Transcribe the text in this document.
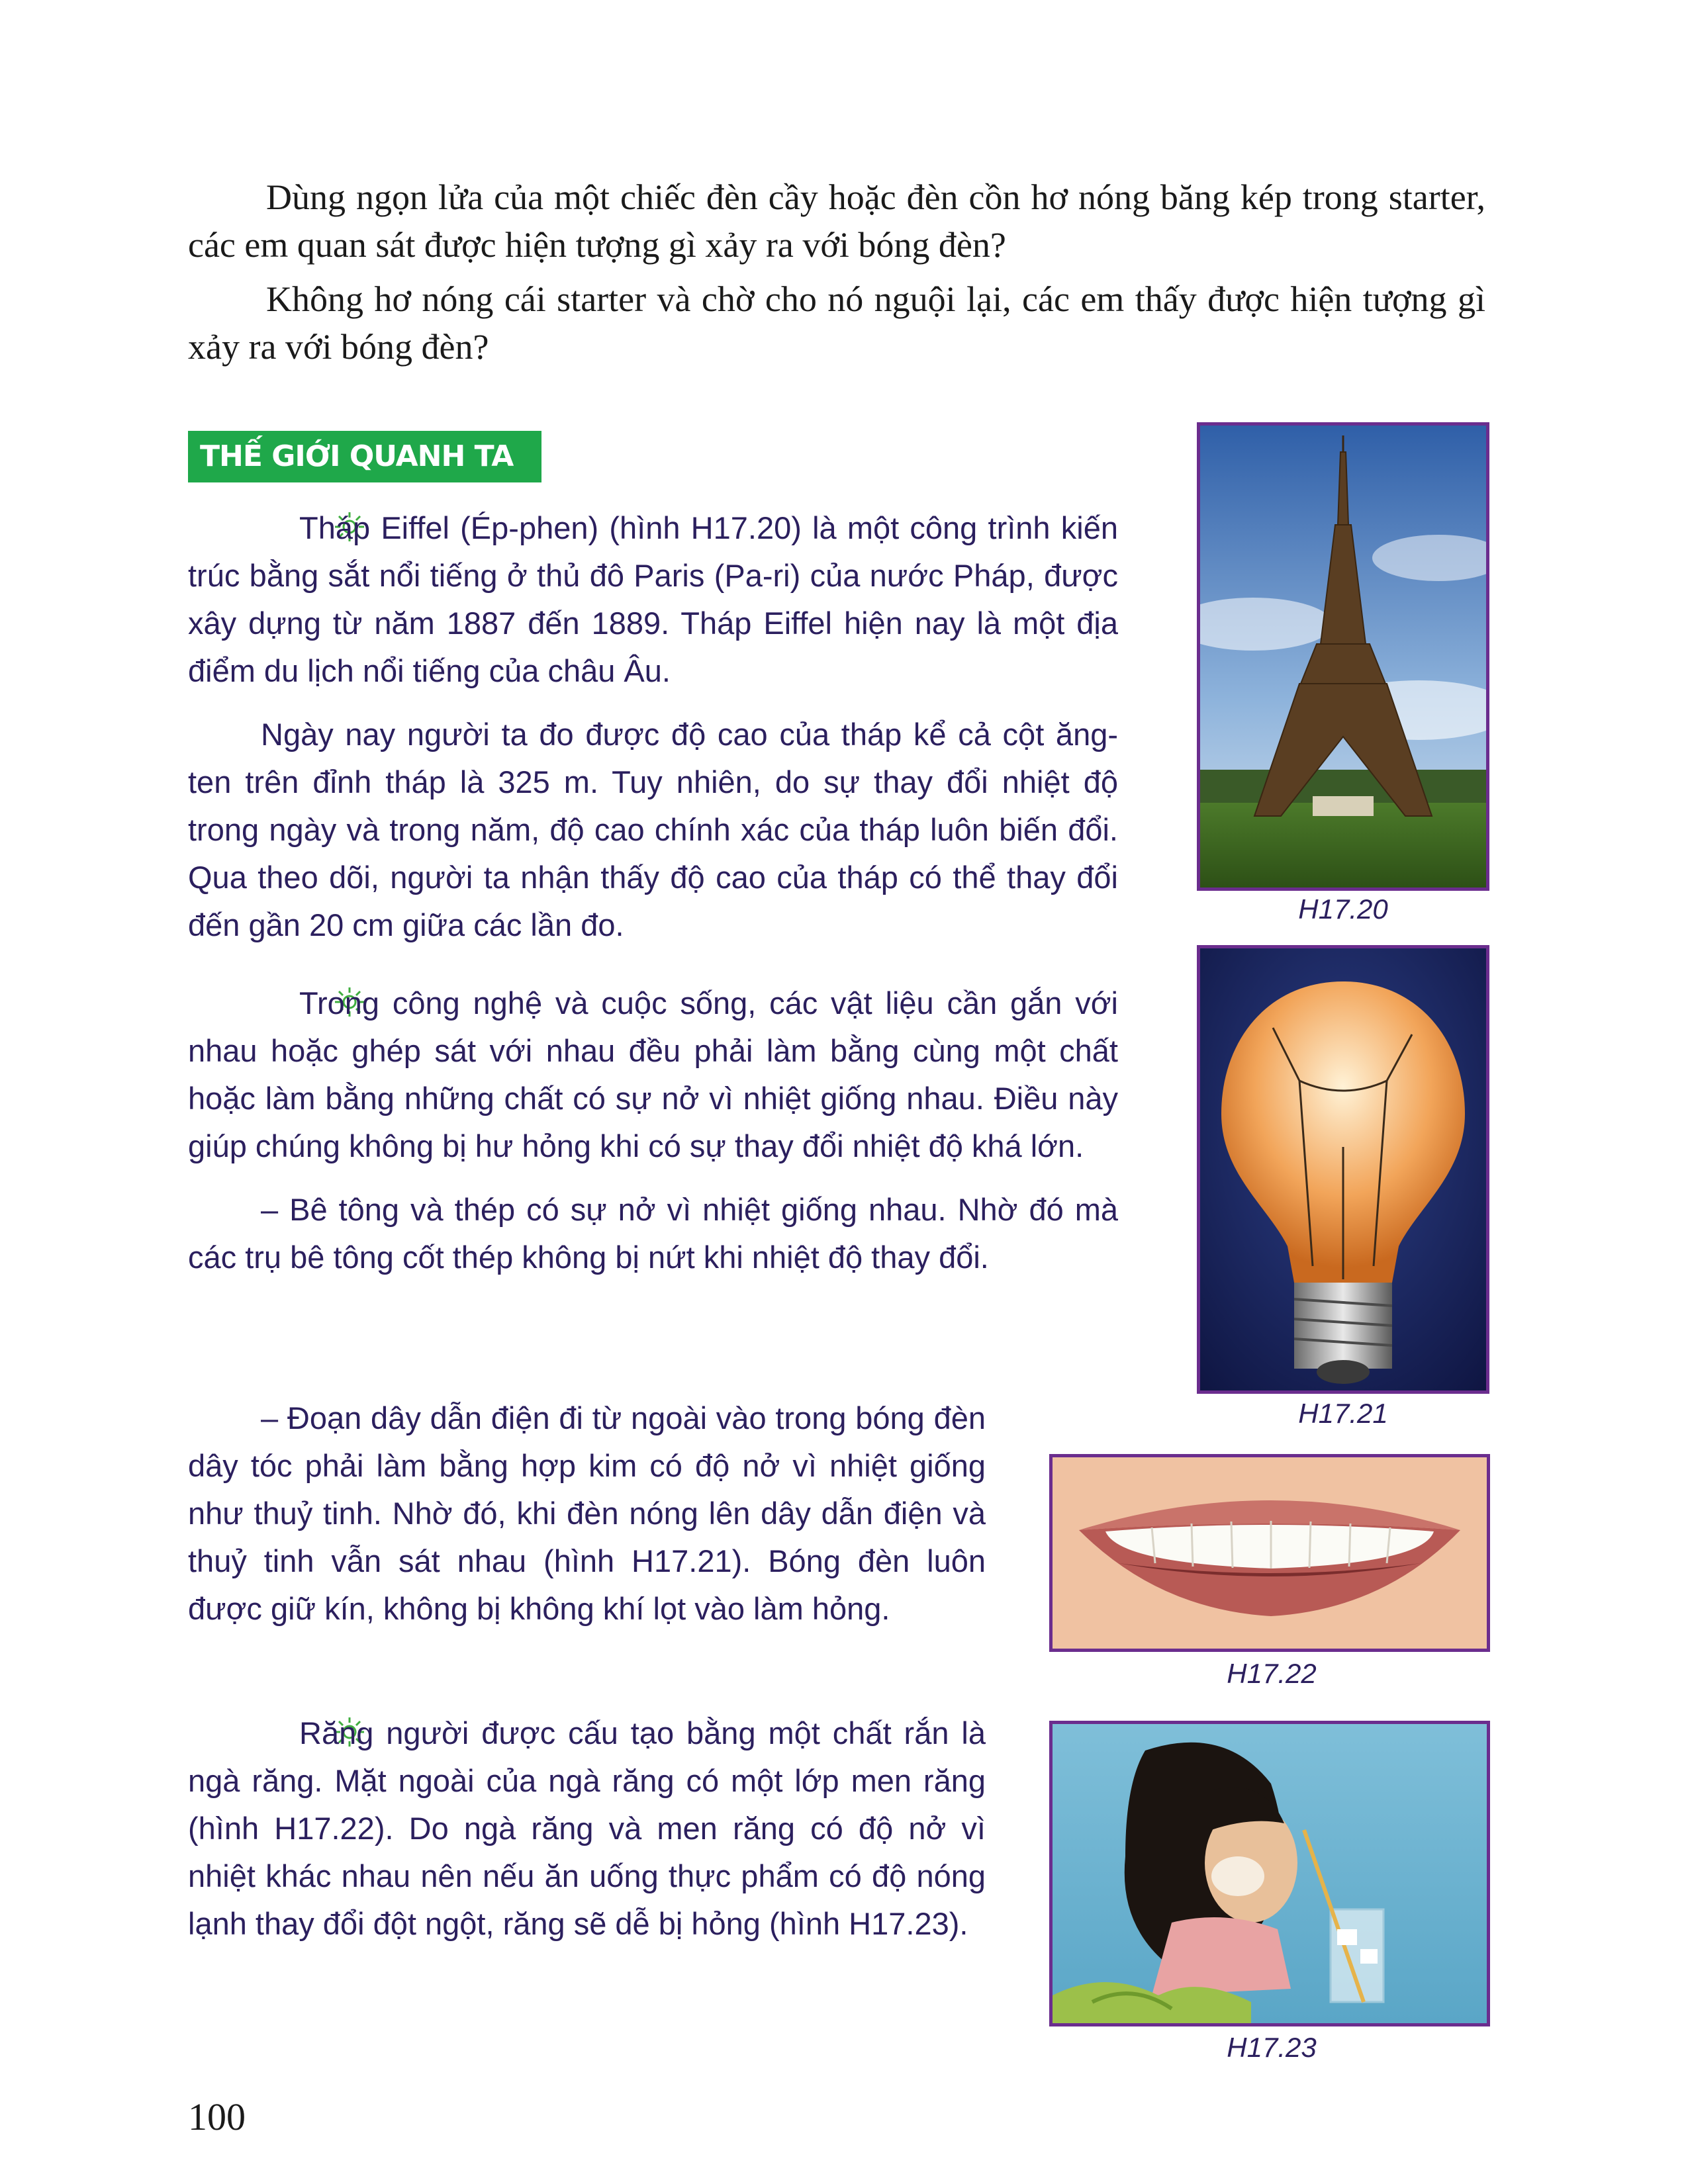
Dùng ngọn lửa của một chiếc đèn cầy hoặc đèn cồn hơ nóng băng kép trong starter, các em quan sát được hiện tượng gì xảy ra với bóng đèn?

Không hơ nóng cái starter và chờ cho nó nguội lại, các em thấy được hiện tượng gì xảy ra với bóng đèn?

THẾ GIỚI QUANH TA

Tháp Eiffel (Ép-phen) (hình H17.20) là một công trình kiến trúc bằng sắt nổi tiếng ở thủ đô Paris (Pa-ri) của nước Pháp, được xây dựng từ năm 1887 đến 1889. Tháp Eiffel hiện nay là một địa điểm du lịch nổi tiếng của châu Âu.

Ngày nay người ta đo được độ cao của tháp kể cả cột ăng-ten trên đỉnh tháp là 325 m. Tuy nhiên, do sự thay đổi nhiệt độ trong ngày và trong năm, độ cao chính xác của tháp luôn biến đổi. Qua theo dõi, người ta nhận thấy độ cao của tháp có thể thay đổi đến gần 20 cm giữa các lần đo.

Trong công nghệ và cuộc sống, các vật liệu cần gắn với nhau hoặc ghép sát với nhau đều phải làm bằng cùng một chất hoặc làm bằng những chất có sự nở vì nhiệt giống nhau. Điều này giúp chúng không bị hư hỏng khi có sự thay đổi nhiệt độ khá lớn.

– Bê tông và thép có sự nở vì nhiệt giống nhau. Nhờ đó mà các trụ bê tông cốt thép không bị nứt khi nhiệt độ thay đổi.

– Đoạn dây dẫn điện đi từ ngoài vào trong bóng đèn dây tóc phải làm bằng hợp kim có độ nở vì nhiệt giống như thuỷ tinh. Nhờ đó, khi đèn nóng lên dây dẫn điện và thuỷ tinh vẫn sát nhau (hình H17.21). Bóng đèn luôn được giữ kín, không bị không khí lọt vào làm hỏng.

Răng người được cấu tạo bằng một chất rắn là ngà răng. Mặt ngoài của ngà răng có một lớp men răng (hình H17.22). Do ngà răng và men răng có độ nở vì nhiệt khác nhau nên nếu ăn uống thực phẩm có độ nóng lạnh thay đổi đột ngột, răng sẽ dễ bị hỏng (hình H17.23).

H17.20
H17.21
H17.22
H17.23
100
